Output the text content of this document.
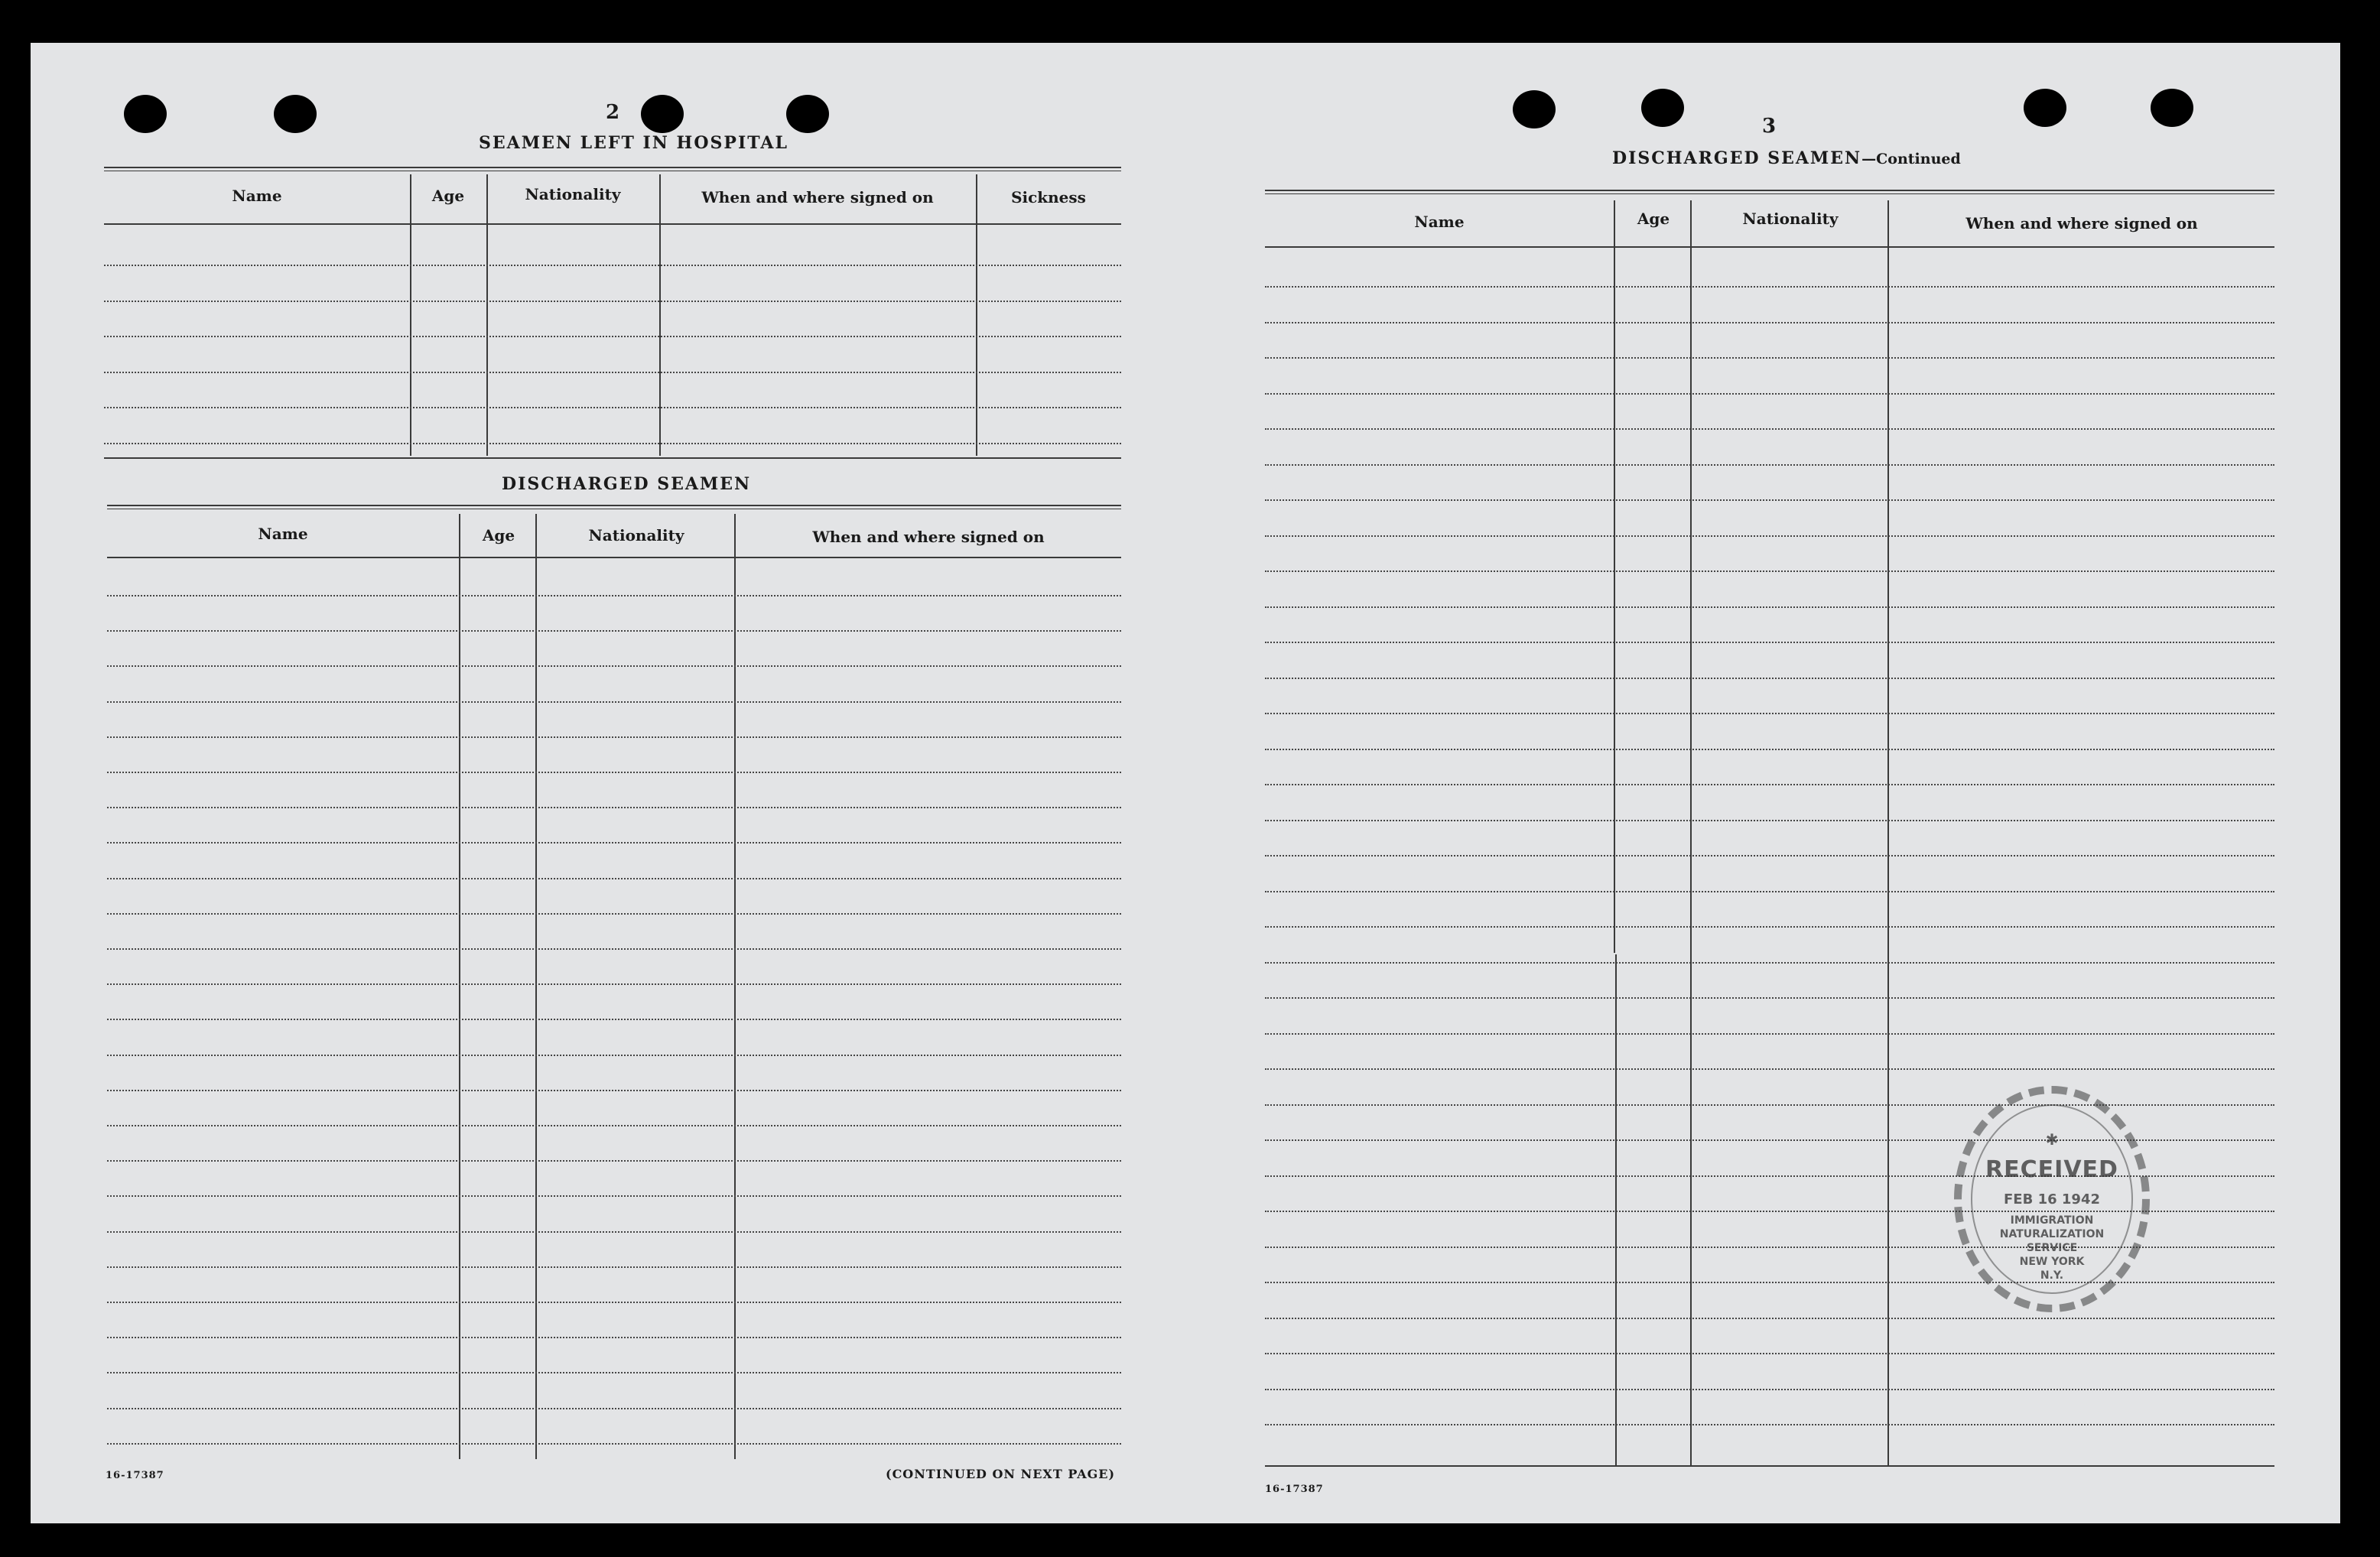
2
SEAMEN LEFT IN HOSPITAL
Name	Age	Nationality	When and where signed on	Sickness
DISCHARGED SEAMEN
Name	Age	Nationality	When and where signed on
16-17387	(CONTINUED ON NEXT PAGE)
3
DISCHARGED SEAMEN—Continued
Name	Age	Nationality	When and where signed on
16-17387
✱
RECEIVED
FEB 16 1942
IMMIGRATION
NATURALIZATION
SERVICE
NEW YORK
N.Y.
